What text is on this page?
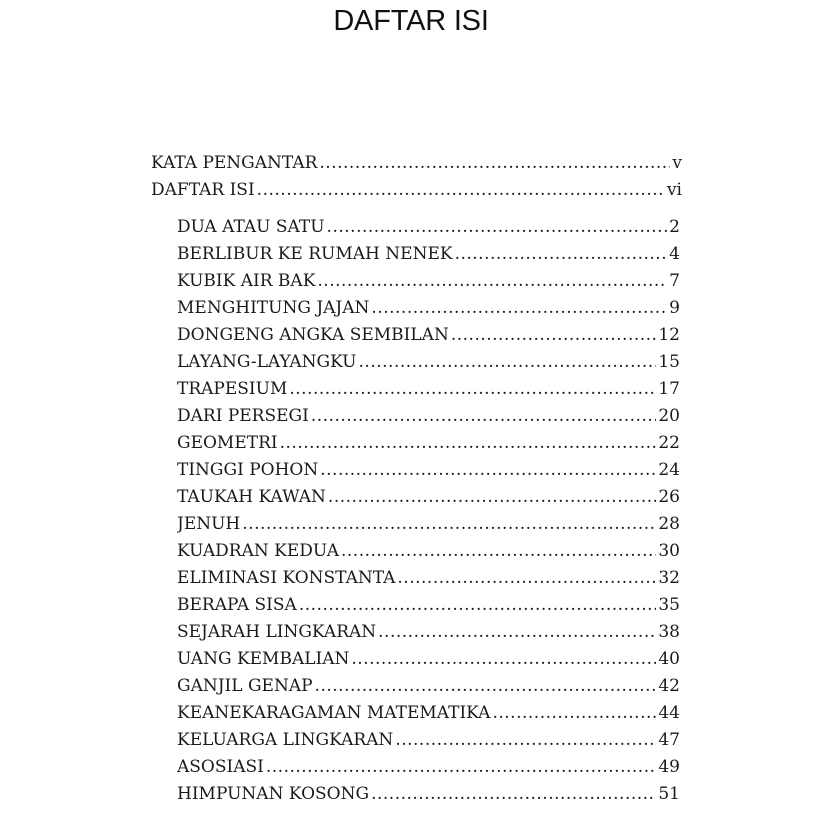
DAFTAR ISI
KATA PENGANTAR .....	v
DAFTAR ISI .....	vi
DUA ATAU SATU .....	2
BERLIBUR KE RUMAH NENEK .....	4
KUBIK AIR BAK .....	7
MENGHITUNG JAJAN .....	9
DONGENG ANGKA SEMBILAN .....	12
LAYANG-LAYANGKU .....	15
TRAPESIUM .....	17
DARI PERSEGI .....	20
GEOMETRI .....	22
TINGGI POHON .....	24
TAUKAH KAWAN .....	26
JENUH .....	28
KUADRAN KEDUA .....	30
ELIMINASI KONSTANTA .....	32
BERAPA SISA .....	35
SEJARAH LINGKARAN .....	38
UANG KEMBALIAN .....	40
GANJIL GENAP .....	42
KEANEKARAGAMAN MATEMATIKA .....	44
KELUARGA LINGKARAN .....	47
ASOSIASI .....	49
HIMPUNAN KOSONG .....	51
